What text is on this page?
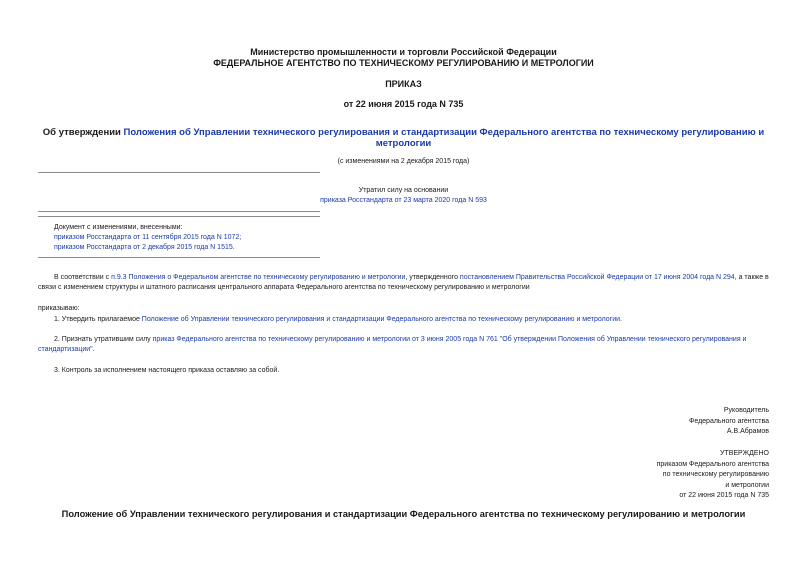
Министерство промышленности и торговли Российской Федерации
ФЕДЕРАЛЬНОЕ АГЕНТСТВО ПО ТЕХНИЧЕСКОМУ РЕГУЛИРОВАНИЮ И МЕТРОЛОГИИ
ПРИКАЗ
от 22 июня 2015 года N 735
Об утверждении Положения об Управлении технического регулирования и стандартизации Федерального агентства по техническому регулированию и метрологии
(с изменениями на 2 декабря 2015 года)
Утратил силу на основании
приказа Росстандарта от 23 марта 2020 года N 593
Документ с изменениями, внесенными:
приказом Росстандарта от 11 сентября 2015 года N 1072;
приказом Росстандарта от 2 декабря 2015 года N 1515.
В соответствии с п.9.3 Положения о Федеральном агентстве по техническому регулированию и метрологии, утвержденного постановлением Правительства Российской Федерации от 17 июня 2004 года N 294, а также в связи с изменением структуры и штатного расписания центрального аппарата Федерального агентства по техническому регулированию и метрологии
приказываю:
1. Утвердить прилагаемое Положение об Управлении технического регулирования и стандартизации Федерального агентства по техническому регулированию и метрологии.
2. Признать утратившим силу приказ Федерального агентства по техническому регулированию и метрологии от 3 июня 2005 года N 761 "Об утверждении Положения об Управлении технического регулирования и стандартизации".
3. Контроль за исполнением настоящего приказа оставляю за собой.
Руководитель
Федерального агентства
А.В.Абрамов
УТВЕРЖДЕНО
приказом Федерального агентства
по техническому регулированию
и метрологии
от 22 июня 2015 года N 735
Положение об Управлении технического регулирования и стандартизации Федерального агентства по техническому регулированию и метрологии
